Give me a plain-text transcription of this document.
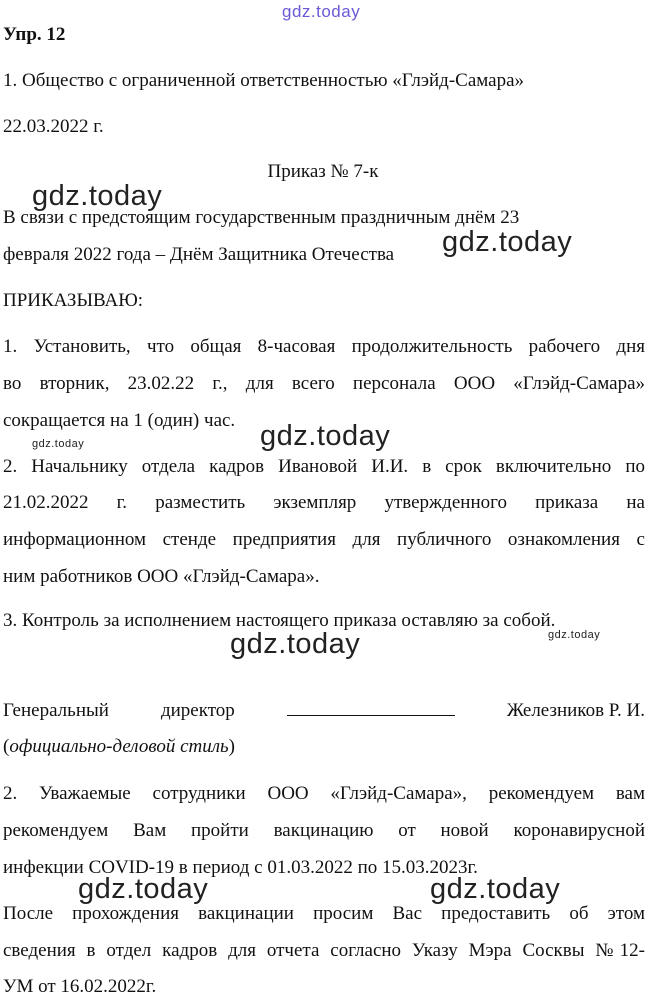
gdz.today
gdz.today
gdz.today
gdz.today	gdz.today
gdz.today
gdz.today
gdz.today	gdz.today
Упр. 12
1. Общество с ограниченной ответственностью «Глэйд-Самара»
22.03.2022 г.
Приказ № 7-к
В связи с предстоящим государственным праздничным днём 23
февраля 2022 года – Днём Защитника Отечества
ПРИКАЗЫВАЮ:
1. Установить, что общая 8-часовая продолжительность рабочего дня
во вторник, 23.02.22 г., для всего персонала ООО «Глэйд-Самара»
сокращается на 1 (один) час.
2. Начальнику отдела кадров Ивановой И.И. в срок включительно по
21.02.2022 г. разместить экземпляр утвержденного приказа на
информационном стенде предприятия для публичного ознакомления с
ним работников ООО «Глэйд-Самара».
3. Контроль за исполнением настоящего приказа оставляю за собой.
Генеральный	директор	Железников Р. И.
(официально-деловой стиль)
2. Уважаемые сотрудники ООО «Глэйд-Самара», рекомендуем вам
рекомендуем Вам пройти вакцинацию от новой коронавирусной
инфекции COVID-19 в период с 01.03.2022 по 15.03.2023г.
После прохождения вакцинации просим Вас предоставить об этом
сведения в отдел кадров для отчета согласно Указу Мэра Сосквы №12-
УМ от 16.02.2022г.
